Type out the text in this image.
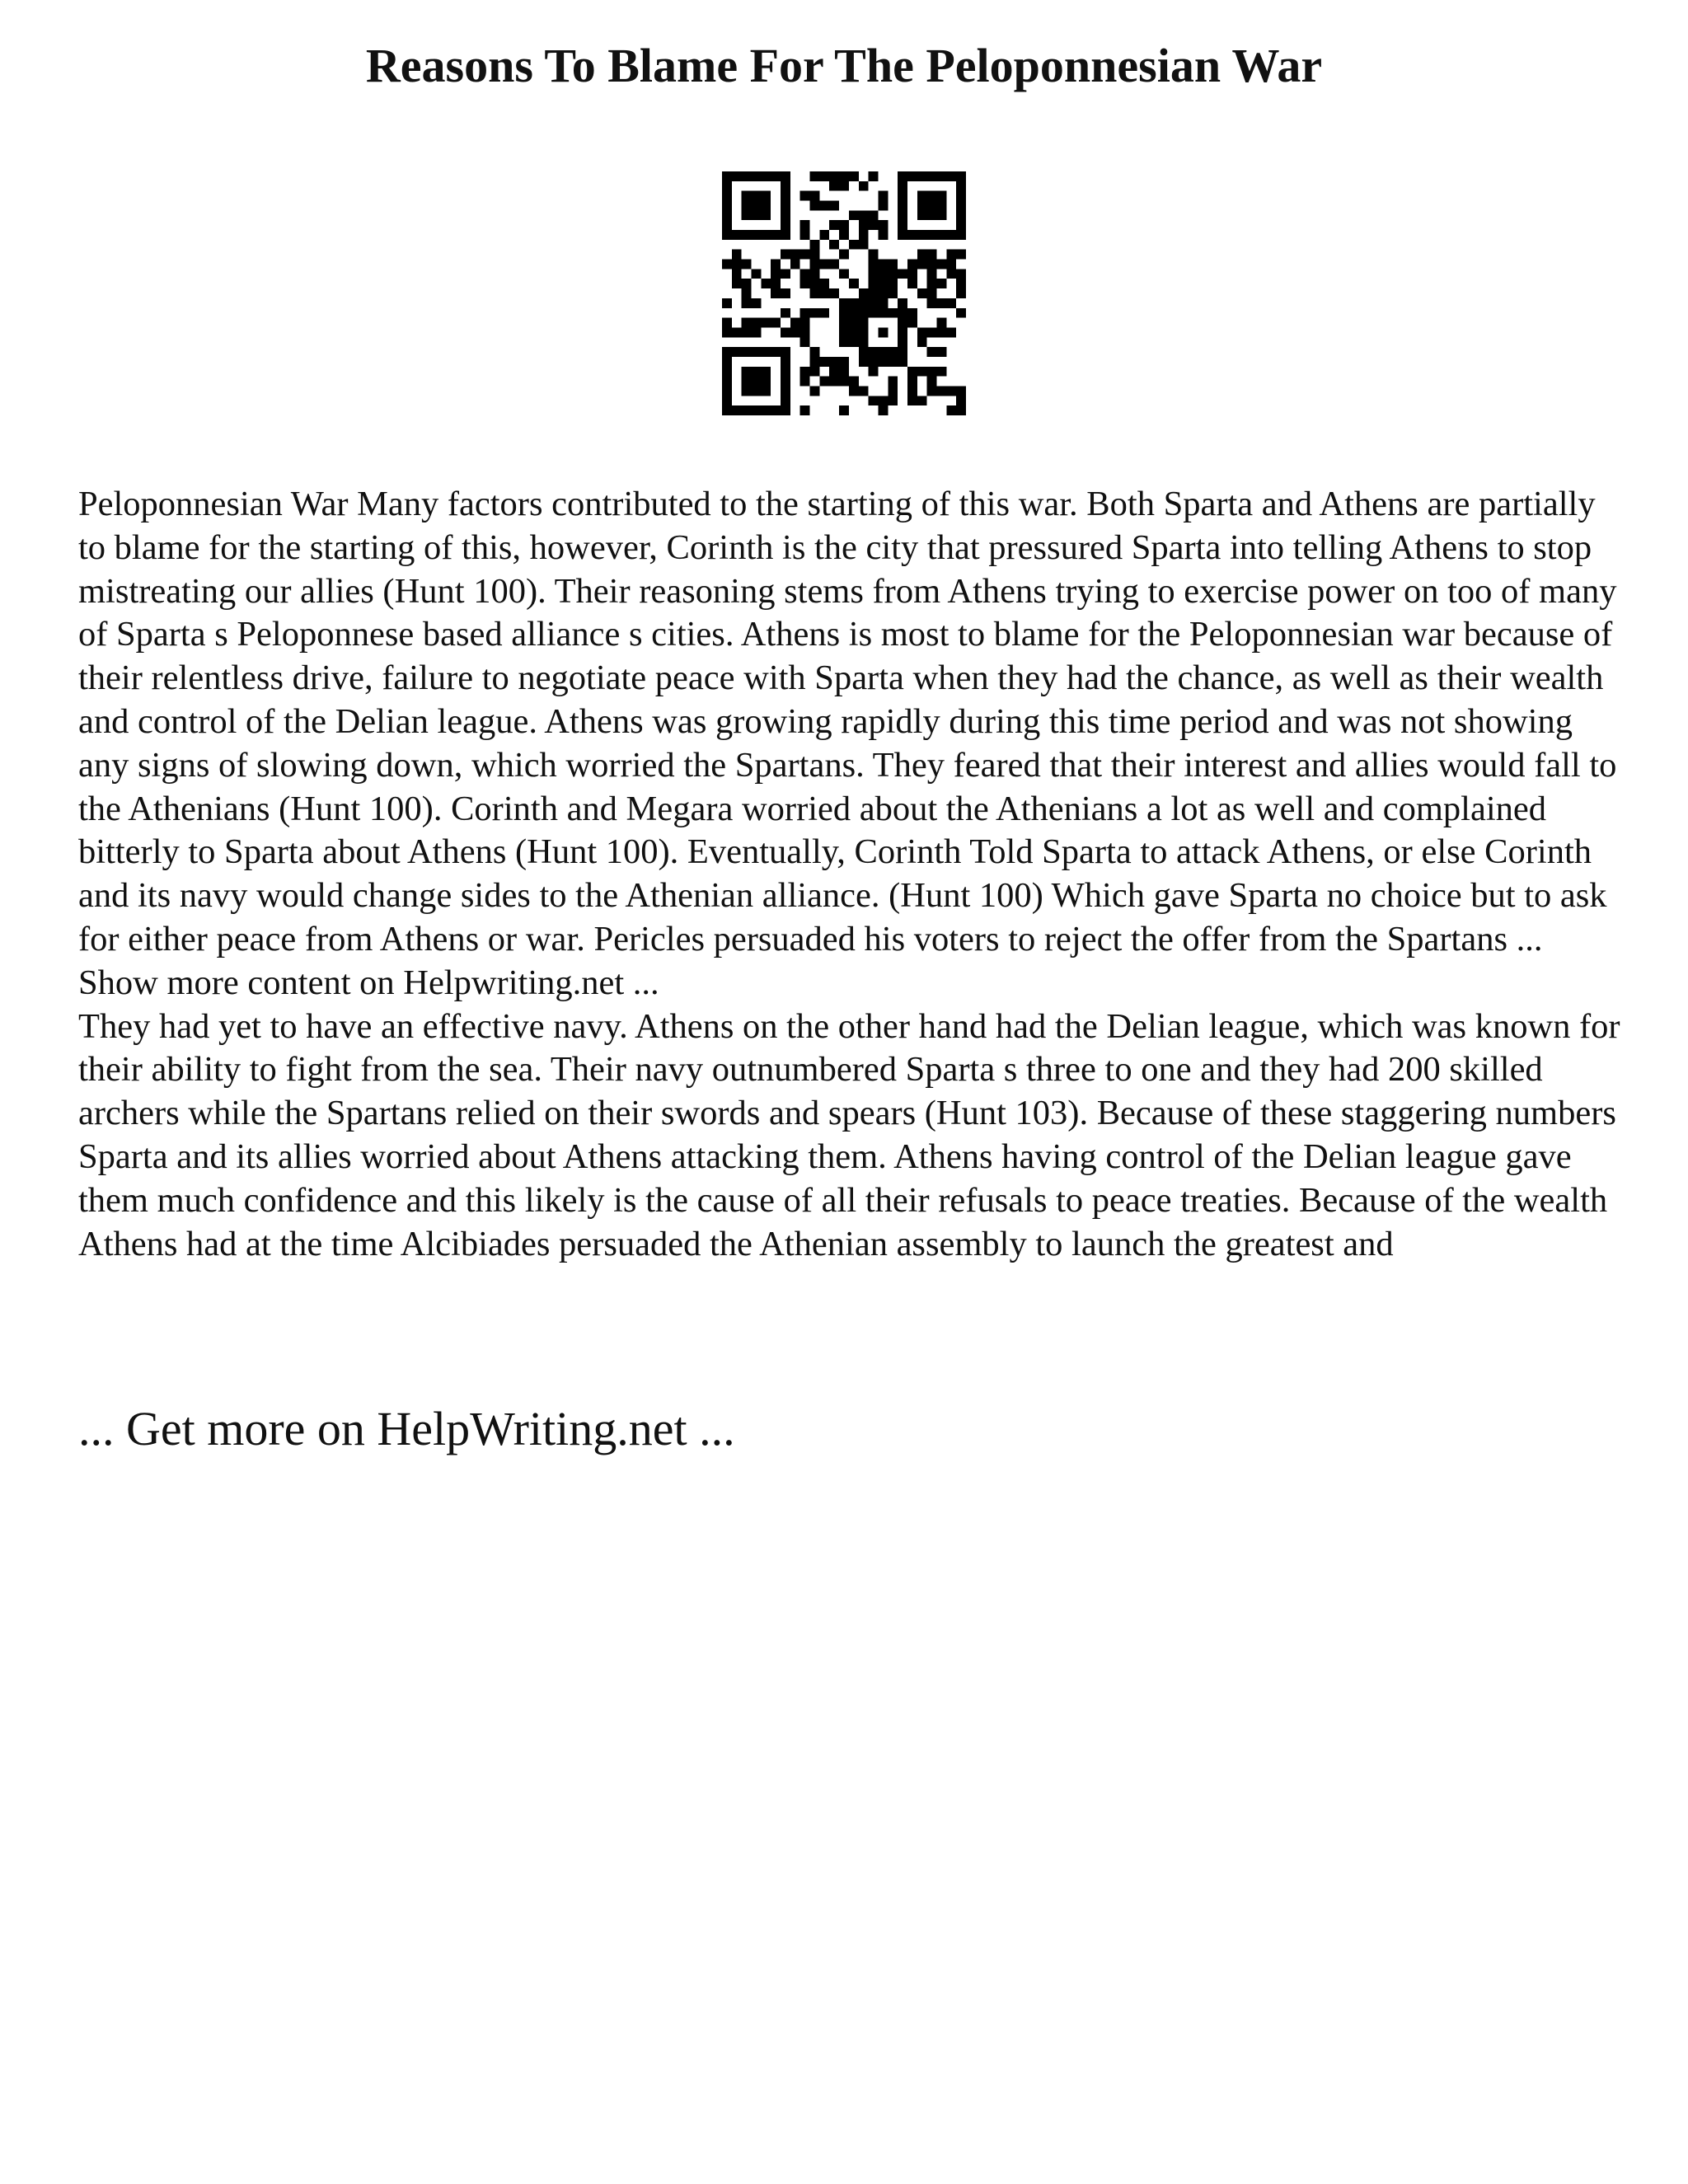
Reasons To Blame For The Peloponnesian War

Peloponnesian War Many factors contributed to the starting of this war. Both Sparta and Athens are partially to blame for the starting of this, however, Corinth is the city that pressured Sparta into telling Athens to stop mistreating our allies (Hunt 100). Their reasoning stems from Athens trying to exercise power on too of many of Sparta s Peloponnese based alliance s cities. Athens is most to blame for the Peloponnesian war because of their relentless drive, failure to negotiate peace with Sparta when they had the chance, as well as their wealth and control of the Delian league. Athens was growing rapidly during this time period and was not showing any signs of slowing down, which worried the Spartans. They feared that their interest and allies would fall to the Athenians (Hunt 100). Corinth and Megara worried about the Athenians a lot as well and complained bitterly to Sparta about Athens (Hunt 100). Eventually, Corinth Told Sparta to attack Athens, or else Corinth and its navy would change sides to the Athenian alliance. (Hunt 100) Which gave Sparta no choice but to ask for either peace from Athens or war. Pericles persuaded his voters to reject the offer from the Spartans ... Show more content on Helpwriting.net ...

They had yet to have an effective navy. Athens on the other hand had the Delian league, which was known for their ability to fight from the sea. Their navy outnumbered Sparta s three to one and they had 200 skilled archers while the Spartans relied on their swords and spears (Hunt 103). Because of these staggering numbers Sparta and its allies worried about Athens attacking them. Athens having control of the Delian league gave them much confidence and this likely is the cause of all their refusals to peace treaties. Because of the wealth Athens had at the time Alcibiades persuaded the Athenian assembly to launch the greatest and

... Get more on HelpWriting.net ...
